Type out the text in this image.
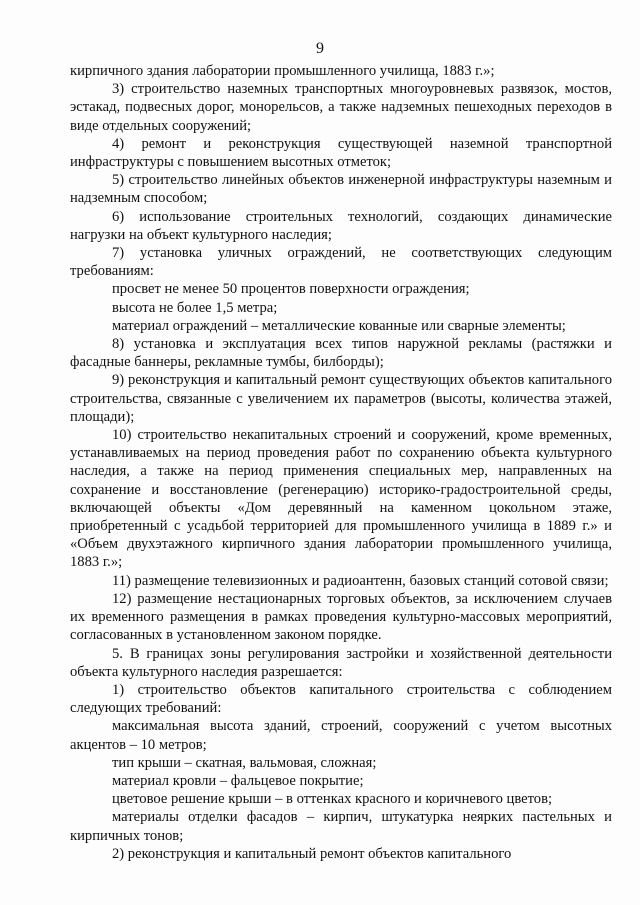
9

кирпичного здания лаборатории промышленного училища, 1883 г.»;

3) строительство наземных транспортных многоуровневых развязок, мостов, эстакад, подвесных дорог, монорельсов, а также надземных пешеходных переходов в виде отдельных сооружений;

4) ремонт и реконструкция существующей наземной транспортной инфраструктуры с повышением высотных отметок;

5) строительство линейных объектов инженерной инфраструктуры наземным и надземным способом;

6) использование строительных технологий, создающих динамические нагрузки на объект культурного наследия;

7) установка уличных ограждений, не соответствующих следующим требованиям:

просвет не менее 50 процентов поверхности ограждения;

высота не более 1,5 метра;

материал ограждений – металлические кованные или сварные элементы;

8) установка и эксплуатация всех типов наружной рекламы (растяжки и фасадные баннеры, рекламные тумбы, билборды);

9) реконструкция и капитальный ремонт существующих объектов капитального строительства, связанные с увеличением их параметров (высоты, количества этажей, площади);

10) строительство некапитальных строений и сооружений, кроме временных, устанавливаемых на период проведения работ по сохранению объекта культурного наследия, а также на период применения специальных мер, направленных на сохранение и восстановление (регенерацию) историко-градостроительной среды, включающей объекты «Дом деревянный на каменном цокольном этаже, приобретенный с усадьбой территорией для промышленного училища в 1889 г.» и «Объем двухэтажного кирпичного здания лаборатории промышленного училища, 1883 г.»;

11) размещение телевизионных и радиоантенн, базовых станций сотовой связи;

12) размещение нестационарных торговых объектов, за исключением случаев их временного размещения в рамках проведения культурно-массовых мероприятий, согласованных в установленном законом порядке.

5. В границах зоны регулирования застройки и хозяйственной деятельности объекта культурного наследия разрешается:

1) строительство объектов капитального строительства с соблюдением следующих требований:

максимальная высота зданий, строений, сооружений с учетом высотных акцентов – 10 метров;

тип крыши – скатная, вальмовая, сложная;

материал кровли – фальцевое покрытие;

цветовое решение крыши – в оттенках красного и коричневого цветов;

материалы отделки фасадов – кирпич, штукатурка неярких пастельных и кирпичных тонов;

2) реконструкция и капитальный ремонт объектов капитального
